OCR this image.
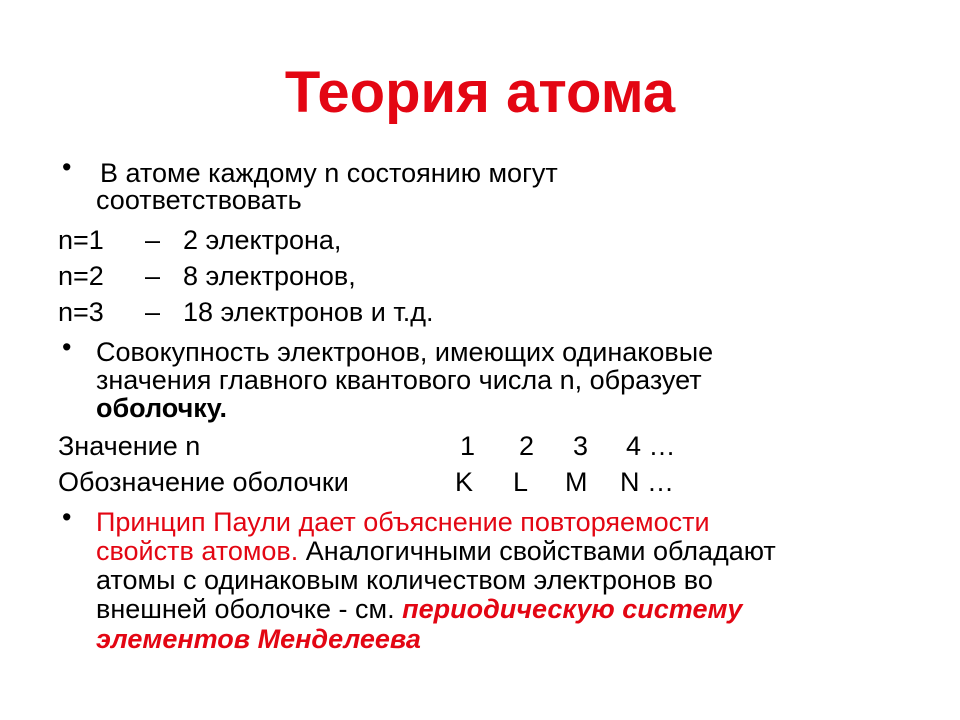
Теория атома
• В атоме каждому n состоянию могут
соответствовать
n=1 – 2 электрона,
n=2 – 8 электронов,
n=3 – 18 электронов и т.д.
• Совокупность электронов, имеющих одинаковые
значения главного квантового числа n, образует
оболочку.
Значение n	1 2 3 4 …
Обозначение оболочки	K L M N …
• Принцип Паули дает объяснение повторяемости
свойств атомов. Аналогичными свойствами обладают
атомы с одинаковым количеством электронов во
внешней оболочке - см. периодическую систему
элементов Менделеева
